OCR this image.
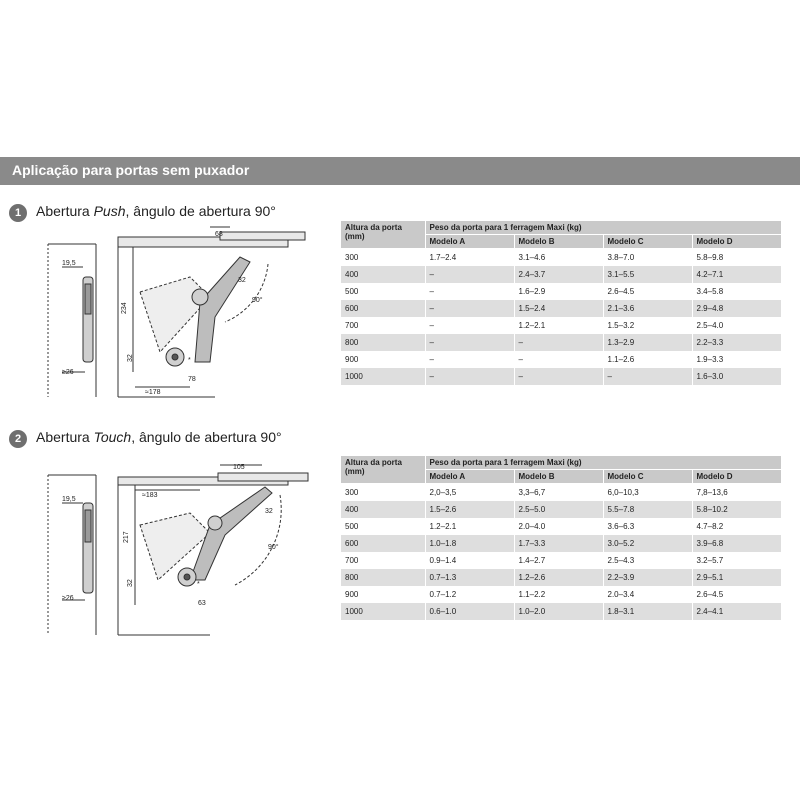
Aplicação para portas sem puxador
1	Abertura Push, ângulo de abertura 90°
68
19,5
234
32
90°
32
≥26
≈178
78
*
Altura da porta (mm)	Peso da porta para 1 ferragem Maxi (kg)			
	Modelo A	Modelo B	Modelo C	Modelo D
300	1.7–2.4	3.1–4.6	3.8–7.0	5.8–9.8
400	–	2.4–3.7	3.1–5.5	4.2–7.1
500	–	1.6–2.9	2.6–4.5	3.4–5.8
600	–	1.5–2.4	2.1–3.6	2.9–4.8
700	–	1.2–2.1	1.5–3.2	2.5–4.0
800	–	–	1.3–2.9	2.2–3.3
900	–	–	1.1–2.6	1.9–3.3
1000	–	–	–	1.6–3.0
2	Abertura Touch, ângulo de abertura 90°
105
19,5
≈183
217
32
90°
32
≥26
63
*
Altura da porta (mm)	Peso da porta para 1 ferragem Maxi (kg)			
	Modelo A	Modelo B	Modelo C	Modelo D
300	2,0–3,5	3,3–6,7	6,0–10,3	7,8–13,6
400	1.5–2.6	2.5–5.0	5.5–7.8	5.8–10.2
500	1.2–2.1	2.0–4.0	3.6–6.3	4.7–8.2
600	1.0–1.8	1.7–3.3	3.0–5.2	3.9–6.8
700	0.9–1.4	1.4–2.7	2.5–4.3	3.2–5.7
800	0.7–1.3	1.2–2.6	2.2–3.9	2.9–5.1
900	0.7–1.2	1.1–2.2	2.0–3.4	2.6–4.5
1000	0.6–1.0	1.0–2.0	1.8–3.1	2.4–4.1
